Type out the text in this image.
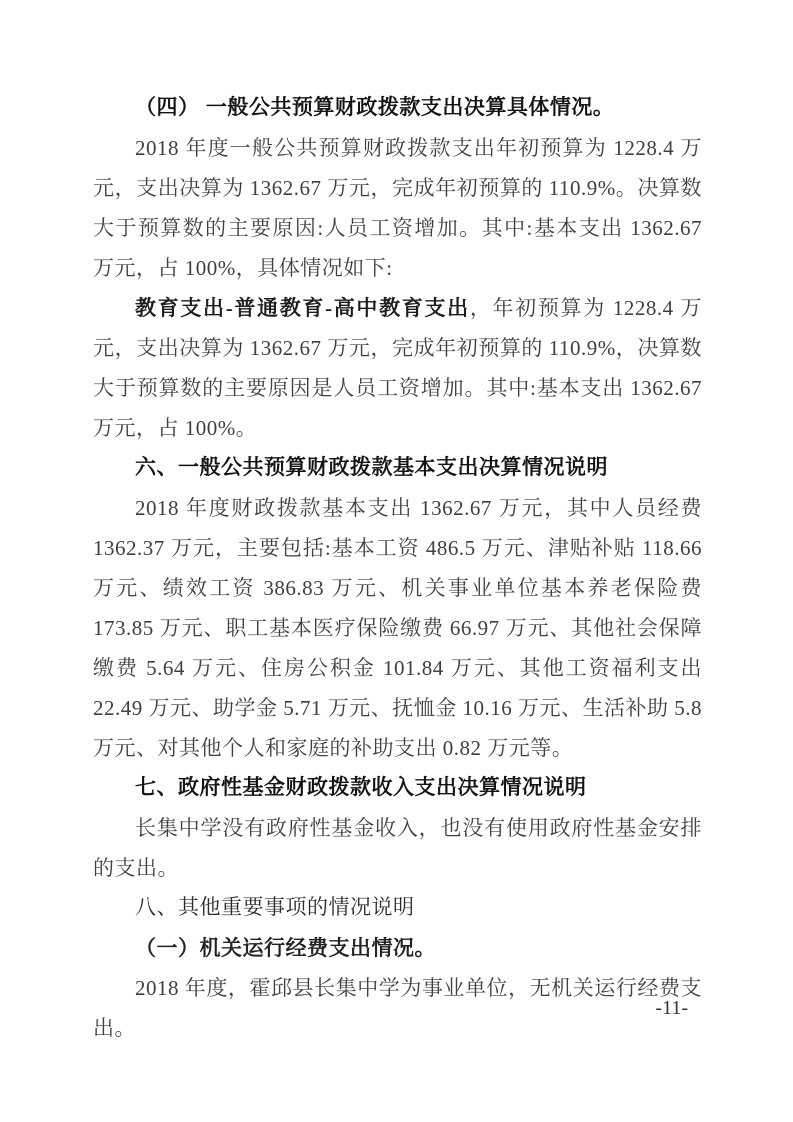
（四） 一般公共预算财政拨款支出决算具体情况。

2018 年度一般公共预算财政拨款支出年初预算为 1228.4 万元，支出决算为 1362.67 万元，完成年初预算的 110.9%。决算数大于预算数的主要原因:人员工资增加。其中:基本支出 1362.67 万元，占 100%，具体情况如下:

教育支出-普通教育-高中教育支出，年初预算为 1228.4 万元，支出决算为 1362.67 万元，完成年初预算的 110.9%，决算数大于预算数的主要原因是人员工资增加。其中:基本支出 1362.67 万元，占 100%。

六、一般公共预算财政拨款基本支出决算情况说明

2018 年度财政拨款基本支出 1362.67 万元，其中人员经费 1362.37 万元，主要包括:基本工资 486.5 万元、津贴补贴 118.66 万元、绩效工资 386.83 万元、机关事业单位基本养老保险费 173.85 万元、职工基本医疗保险缴费 66.97 万元、其他社会保障缴费 5.64 万元、住房公积金 101.84 万元、其他工资福利支出 22.49 万元、助学金 5.71 万元、抚恤金 10.16 万元、生活补助 5.8 万元、对其他个人和家庭的补助支出 0.82 万元等。

七、政府性基金财政拨款收入支出决算情况说明

长集中学没有政府性基金收入，也没有使用政府性基金安排的支出。

八、其他重要事项的情况说明

（一）机关运行经费支出情况。

2018 年度，霍邱县长集中学为事业单位，无机关运行经费支出。

-11-
